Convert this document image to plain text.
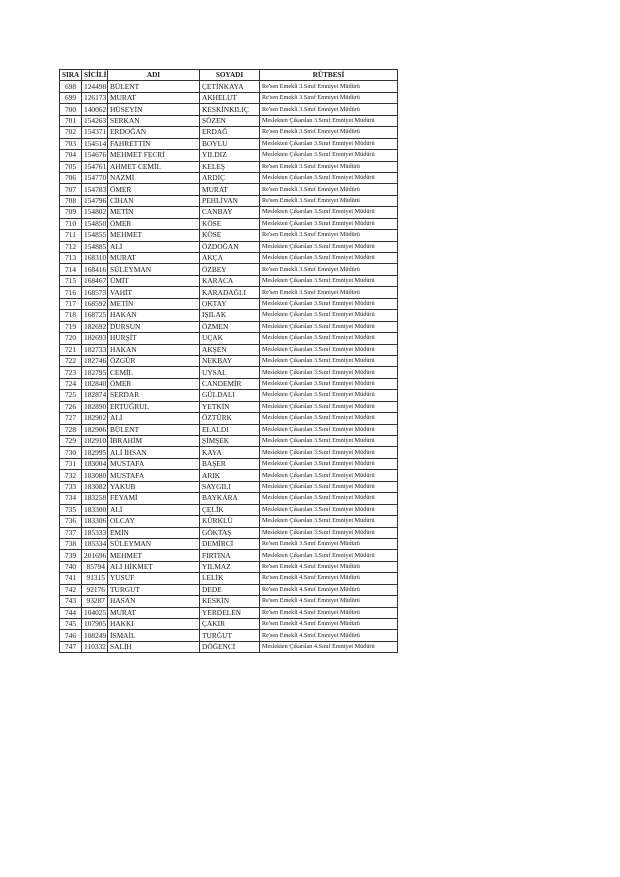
SIRA	SİCİLİ	ADI	SOYADI	RÜTBESİ
698	124498	BÜLENT	ÇETİNKAYA	Re'sen Emekli 3.Sınıf Emniyet Müdürü
699	126173	MURAT	AKHELUT	Re'sen Emekli 3.Sınıf Emniyet Müdürü
700	140062	HÜSEYİN	KESKİNKILIÇ	Re'sen Emekli 3.Sınıf Emniyet Müdürü
701	154263	SERKAN	SÖZEN	Meslekten Çıkarılan 3.Sınıf Emniyet Müdürü
702	154371	ERDOĞAN	ERDAĞ	Re'sen Emekli 3.Sınıf Emniyet Müdürü
703	154514	FAHRETTİN	BOYLU	Meslekten Çıkarılan 3.Sınıf Emniyet Müdürü
704	154676	MEHMET FECRİ	YILDIZ	Meslekten Çıkarılan 3.Sınıf Emniyet Müdürü
705	154761	AHMET CEMİL	KELEŞ	Re'sen Emekli 3.Sınıf Emniyet Müdürü
706	154770	NAZMİ	ARDIÇ	Meslekten Çıkarılan 3.Sınıf Emniyet Müdürü
707	154783	ÖMER	MURAT	Re'sen Emekli 3.Sınıf Emniyet Müdürü
708	154796	CİHAN	PEHLİVAN	Re'sen Emekli 3.Sınıf Emniyet Müdürü
709	154802	METİN	CANBAY	Meslekten Çıkarılan 3.Sınıf Emniyet Müdürü
710	154850	ÖMER	KÖSE	Meslekten Çıkarılan 3.Sınıf Emniyet Müdürü
711	154855	MEHMET	KÖSE	Re'sen Emekli 3.Sınıf Emniyet Müdürü
712	154885	ALİ	ÖZDOĞAN	Meslekten Çıkarılan 3.Sınıf Emniyet Müdürü
713	168310	MURAT	AKÇA	Meslekten Çıkarılan 3.Sınıf Emniyet Müdürü
714	168416	SÜLEYMAN	ÖZBEY	Re'sen Emekli 3.Sınıf Emniyet Müdürü
715	168467	ÜMİT	KARACA	Meslekten Çıkarılan 3.Sınıf Emniyet Müdürü
716	168573	VAHİT	KARADAĞLI	Re'sen Emekli 3.Sınıf Emniyet Müdürü
717	168592	METİN	OKTAY	Meslekten Çıkarılan 3.Sınıf Emniyet Müdürü
718	168725	HAKAN	IŞILAK	Meslekten Çıkarılan 3.Sınıf Emniyet Müdürü
719	182692	DURSUN	ÖZMEN	Meslekten Çıkarılan 3.Sınıf Emniyet Müdürü
720	182693	HURŞİT	UÇAK	Meslekten Çıkarılan 3.Sınıf Emniyet Müdürü
721	182733	HAKAN	AKŞEN	Meslekten Çıkarılan 3.Sınıf Emniyet Müdürü
722	182746	ÖZGÜR	NEKBAY	Meslekten Çıkarılan 3.Sınıf Emniyet Müdürü
723	182795	CEMİL	UYSAL	Meslekten Çıkarılan 3.Sınıf Emniyet Müdürü
724	182840	ÖMER	CANDEMİR	Meslekten Çıkarılan 3.Sınıf Emniyet Müdürü
725	182874	SERDAR	GÜLDALI	Meslekten Çıkarılan 3.Sınıf Emniyet Müdürü
726	182890	ERTUĞRUL	YETKİN	Meslekten Çıkarılan 3.Sınıf Emniyet Müdürü
727	182902	ALİ	ÖZTÜRK	Meslekten Çıkarılan 3.Sınıf Emniyet Müdürü
728	182906	BÜLENT	ELALDI	Meslekten Çıkarılan 3.Sınıf Emniyet Müdürü
729	182910	İBRAHİM	ŞİMŞEK	Meslekten Çıkarılan 3.Sınıf Emniyet Müdürü
730	182995	ALİ İHSAN	KAYA	Meslekten Çıkarılan 3.Sınıf Emniyet Müdürü
731	183004	MUSTAFA	BAŞER	Meslekten Çıkarılan 3.Sınıf Emniyet Müdürü
732	183080	MUSTAFA	ARIK	Meslekten Çıkarılan 3.Sınıf Emniyet Müdürü
733	183082	YAKUB	SAYGILI	Meslekten Çıkarılan 3.Sınıf Emniyet Müdürü
734	183258	FEYAMİ	BAYKARA	Meslekten Çıkarılan 3.Sınıf Emniyet Müdürü
735	183300	ALİ	ÇELİK	Meslekten Çıkarılan 3.Sınıf Emniyet Müdürü
736	183306	OLCAY	KÜRKLÜ	Meslekten Çıkarılan 3.Sınıf Emniyet Müdürü
737	185333	EMİN	GÖKTAŞ	Meslekten Çıkarılan 3.Sınıf Emniyet Müdürü
738	185334	SÜLEYMAN	DEMİRCİ	Re'sen Emekli 3.Sınıf Emniyet Müdürü
739	201696	MEHMET	FIRTINA	Meslekten Çıkarılan 3.Sınıf Emniyet Müdürü
740	85794	ALİ HİKMET	YILMAZ	Re'sen Emekli 4.Sınıf Emniyet Müdürü
741	91315	YUSUF	LELİK	Re'sen Emekli 4.Sınıf Emniyet Müdürü
742	92176	TURGUT	DEDE	Re'sen Emekli 4.Sınıf Emniyet Müdürü
743	93287	HASAN	KESKİN	Re'sen Emekli 4.Sınıf Emniyet Müdürü
744	104025	MURAT	YERDELEN	Re'sen Emekli 4.Sınıf Emniyet Müdürü
745	107905	HAKKI	ÇAKIR	Re'sen Emekli 4.Sınıf Emniyet Müdürü
746	108249	İSMAİL	TURĞUT	Re'sen Emekli 4.Sınıf Emniyet Müdürü
747	110332	SALİH	DÖĞENCİ	Meslekten Çıkarılan 4.Sınıf Emniyet Müdürü
